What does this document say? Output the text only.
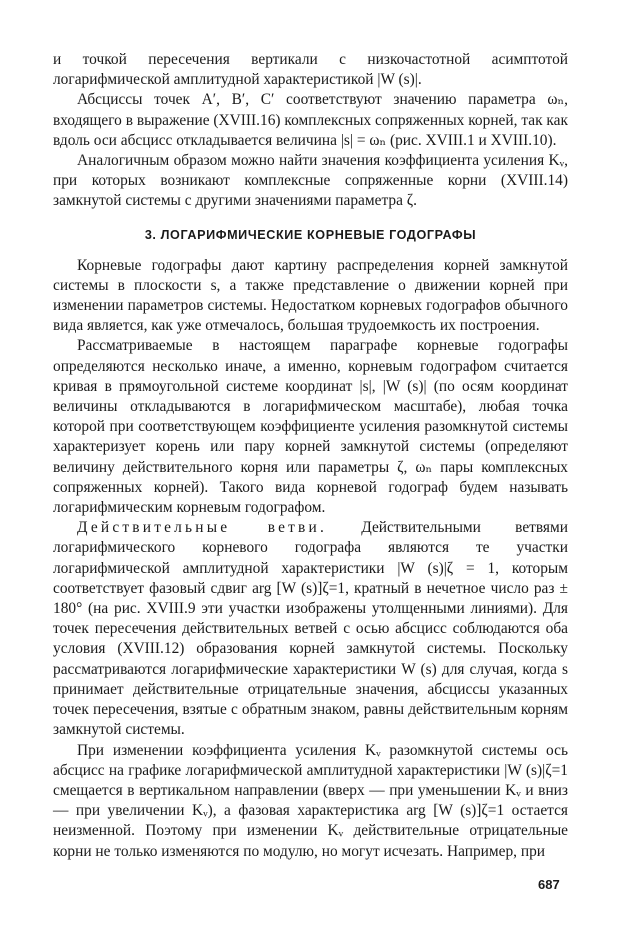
и точкой пересечения вертикали с низкочастотной асимптотой логарифмической амплитудной характеристикой |W (s)|.

Абсциссы точек A′, B′, C′ соответствуют значению параметра ωₙ, входящего в выражение (XVIII.16) комплексных сопряженных корней, так как вдоль оси абсцисс откладывается величина |s| = ωₙ (рис. XVIII.1 и XVIII.10).

Аналогичным образом можно найти значения коэффициента усиления Kᵥ, при которых возникают комплексные сопряженные корни (XVIII.14) замкнутой системы с другими значениями параметра ζ.

3. ЛОГАРИФМИЧЕСКИЕ КОРНЕВЫЕ ГОДОГРАФЫ

Корневые годографы дают картину распределения корней замкнутой системы в плоскости s, а также представление о движении корней при изменении параметров системы. Недостатком корневых годографов обычного вида является, как уже отмечалось, большая трудоемкость их построения.

Рассматриваемые в настоящем параграфе корневые годографы определяются несколько иначе, а именно, корневым годографом считается кривая в прямоугольной системе координат |s|, |W (s)| (по осям координат величины откладываются в логарифмическом масштабе), любая точка которой при соответствующем коэффициенте усиления разомкнутой системы характеризует корень или пару корней замкнутой системы (определяют величину действительного корня или параметры ζ, ωₙ пары комплексных сопряженных корней). Такого вида корневой годограф будем называть логарифмическим корневым годографом.

Действительные ветви. Действительными ветвями логарифмического корневого годографа являются те участки логарифмической амплитудной характеристики |W (s)|ζ = 1, которым соответствует фазовый сдвиг arg [W (s)]ζ=1, кратный в нечетное число раз ± 180° (на рис. XVIII.9 эти участки изображены утолщенными линиями). Для точек пересечения действительных ветвей с осью абсцисс соблюдаются оба условия (XVIII.12) образования корней замкнутой системы. Поскольку рассматриваются логарифмические характеристики W (s) для случая, когда s принимает действительные отрицательные значения, абсциссы указанных точек пересечения, взятые с обратным знаком, равны действительным корням замкнутой системы.

При изменении коэффициента усиления Kᵥ разомкнутой системы ось абсцисс на графике логарифмической амплитудной характеристики |W (s)|ζ=1 смещается в вертикальном направлении (вверх — при уменьшении Kᵥ и вниз — при увеличении Kᵥ), а фазовая характеристика arg [W (s)]ζ=1 остается неизменной. Поэтому при изменении Kᵥ действительные отрицательные корни не только изменяются по модулю, но могут исчезать. Например, при

687
